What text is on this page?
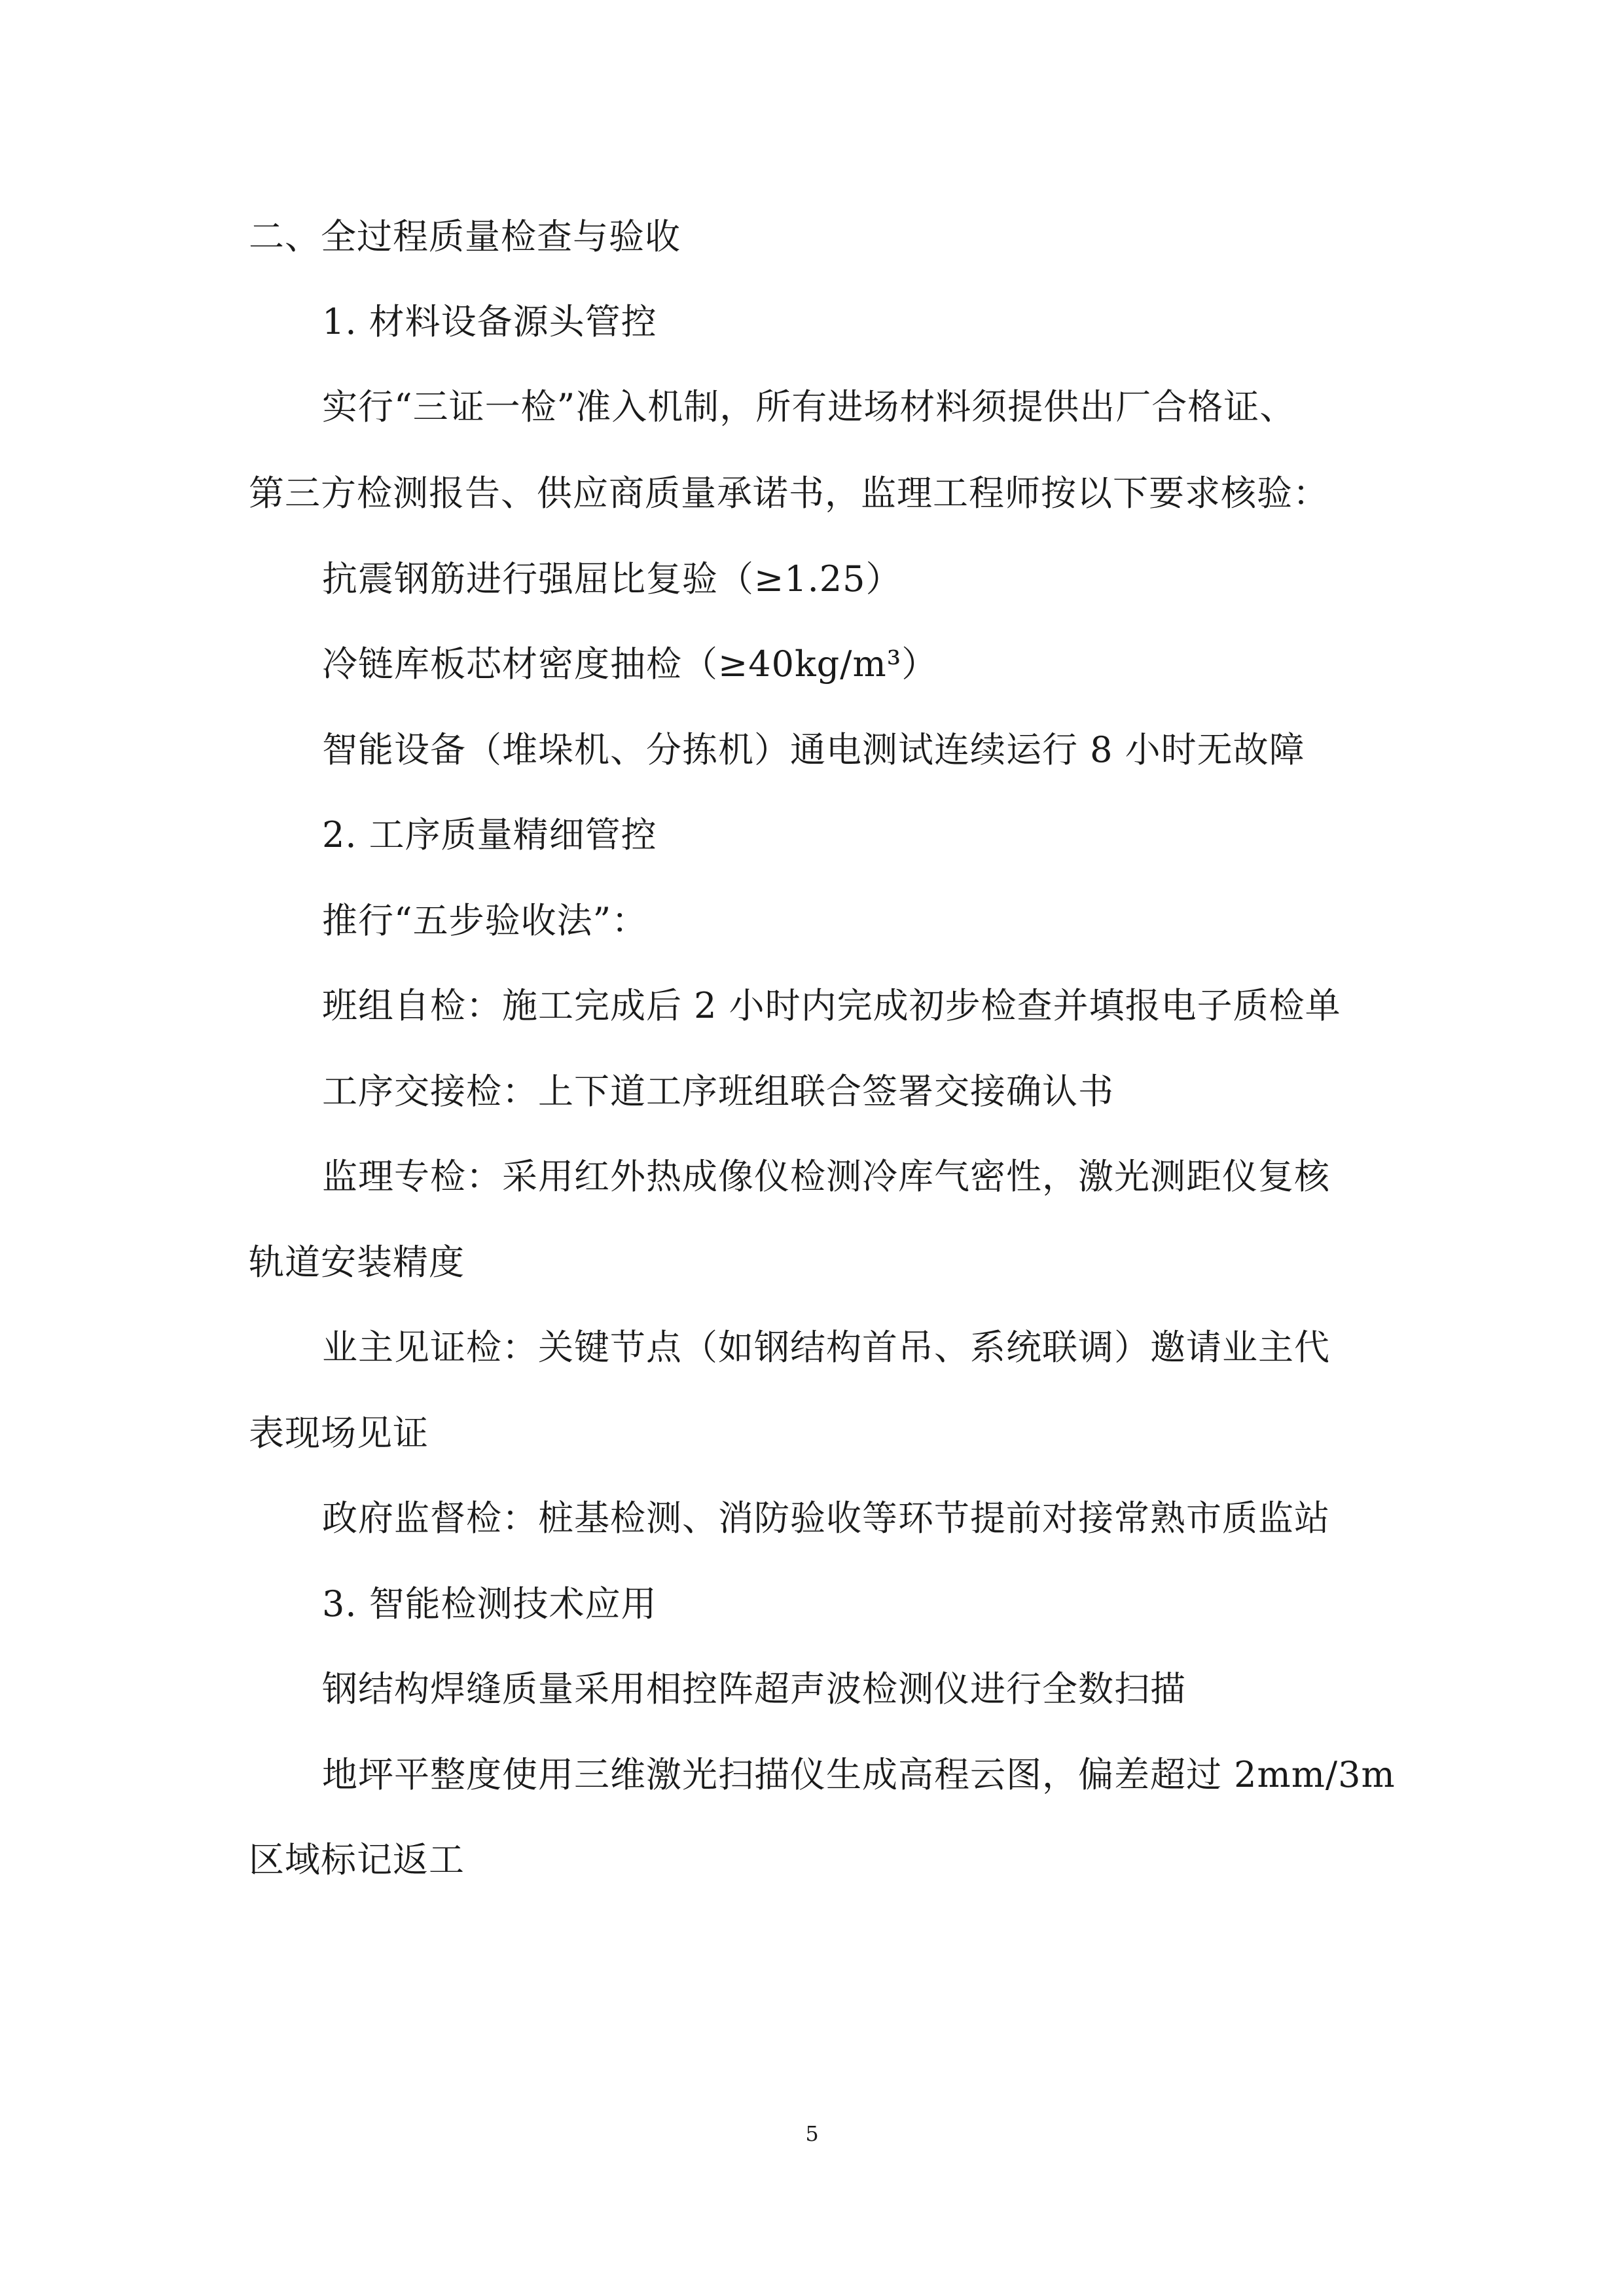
二、全过程质量检查与验收
1. 材料设备源头管控
实行“三证一检”准入机制，所有进场材料须提供出厂合格证、
第三方检测报告、供应商质量承诺书，监理工程师按以下要求核验：
抗震钢筋进行强屈比复验（≥1.25）
冷链库板芯材密度抽检（≥40kg/m³）
智能设备（堆垛机、分拣机）通电测试连续运行 8 小时无故障
2. 工序质量精细管控
推行“五步验收法”：
班组自检：施工完成后 2 小时内完成初步检查并填报电子质检单
工序交接检：上下道工序班组联合签署交接确认书
监理专检：采用红外热成像仪检测冷库气密性，激光测距仪复核
轨道安装精度
业主见证检：关键节点（如钢结构首吊、系统联调）邀请业主代
表现场见证
政府监督检：桩基检测、消防验收等环节提前对接常熟市质监站
3. 智能检测技术应用
钢结构焊缝质量采用相控阵超声波检测仪进行全数扫描
地坪平整度使用三维激光扫描仪生成高程云图，偏差超过 2mm/3m
区域标记返工
5
